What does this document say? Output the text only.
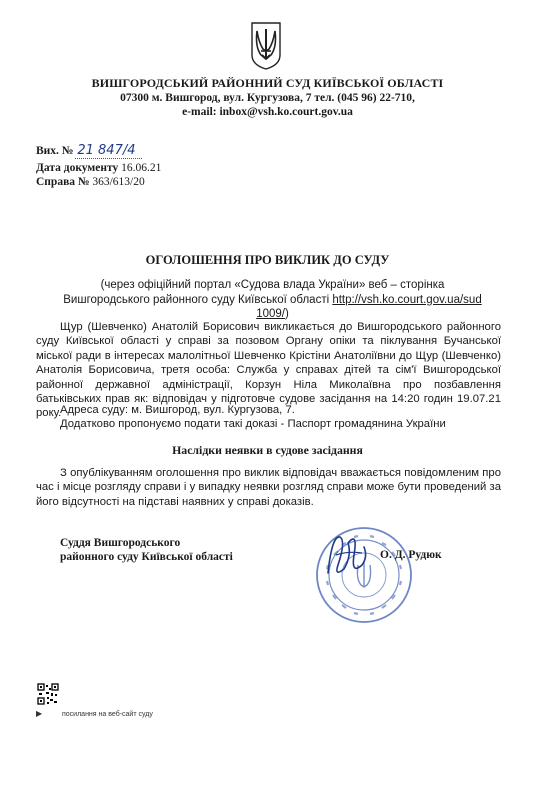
ВИШГОРОДСЬКИЙ РАЙОННИЙ СУД КИЇВСЬКОЇ ОБЛАСТІ
07300 м. Вишгород, вул. Кургузова, 7 тел. (045 96) 22-710,
e-mail: inbox@vsh.ko.court.gov.ua
Вих. № 21 847/4
Дата документу 16.06.21
Справа № 363/613/20
ОГОЛОШЕННЯ ПРО ВИКЛИК ДО СУДУ
(через офіційний портал «Судова влада України» веб – сторінка Вишгородського районного суду Київської області http://vsh.ko.court.gov.ua/sud 1009/)

Щур (Шевченко) Анатолій Борисович викликається до Вишгородського районного суду Київської області у справі за позовом Органу опіки та піклування Бучанської міської ради в інтересах малолітньої Шевченко Крістіни Анатоліївни до Щур (Шевченко) Анатолія Борисовича, третя особа: Служба у справах дітей та сім'ї Вишгородської районної державної адміністрації, Корзун Ніла Миколаївна про позбавлення батьківських прав як: відповідач у підготовче судове засідання на 14:20 годин 19.07.21 року.

Адреса суду: м. Вишгород, вул. Кургузова, 7.
Додатково пропонуємо подати такі доказі - Паспорт громадянина України
Наслідки неявки в судове засідання

З опублікуванням оголошення про виклик відповідач вважається повідомленим про час і місце розгляду справи і у випадку неявки розгляд справи може бути проведений за його відсутності на підставі наявних у справі доказів.

Суддя Вишгородського
районного суду Київської області	О. Д. Рудюк
▶	посилання на веб-сайт суду
